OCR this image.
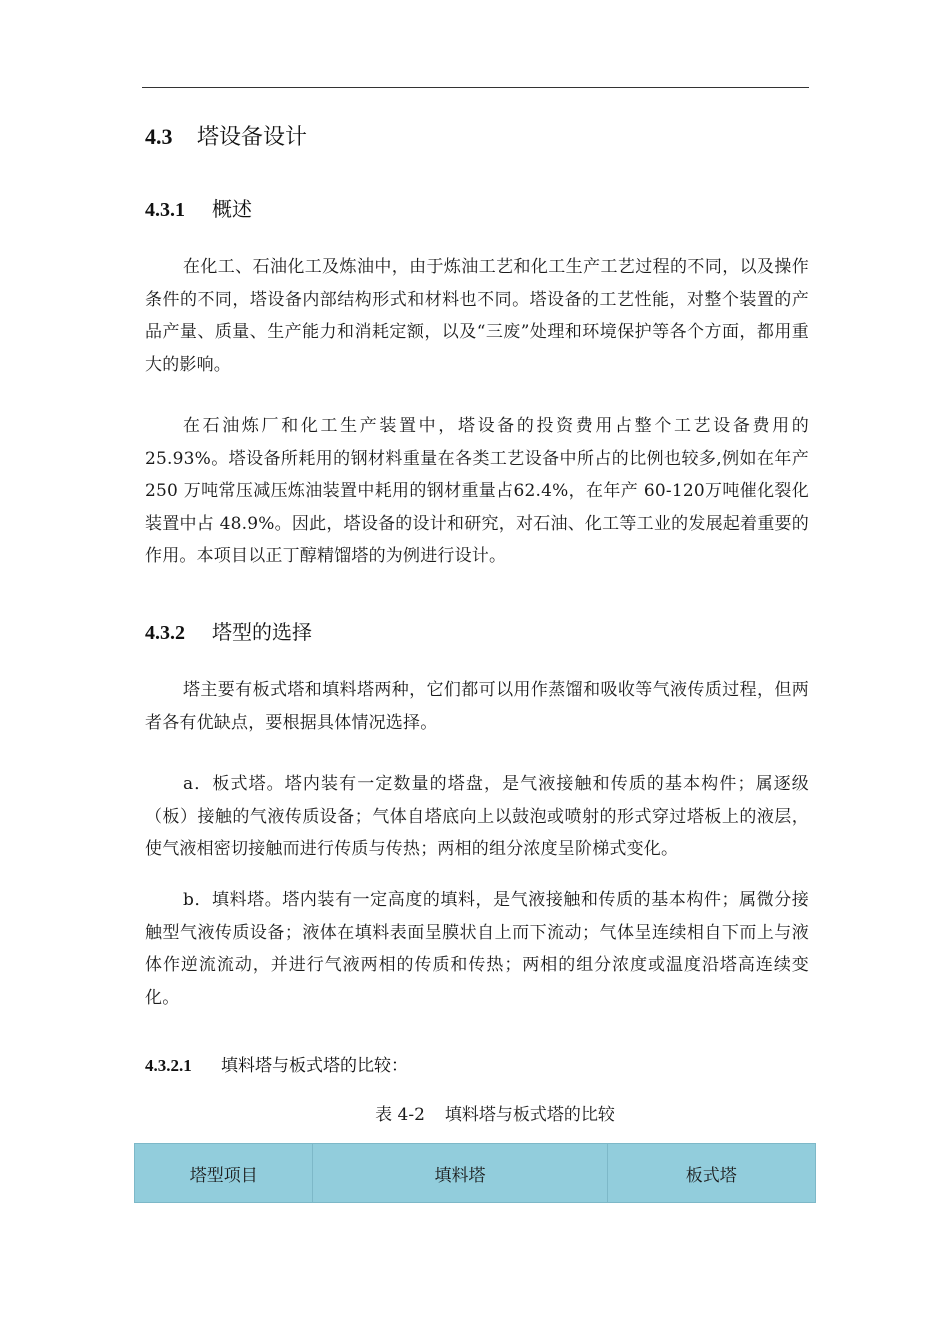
4.3 塔设备设计
4.3.1 概述

在化工、石油化工及炼油中，由于炼油工艺和化工生产工艺过程的不同，以及操作条件的不同，塔设备内部结构形式和材料也不同。塔设备的工艺性能，对整个装置的产品产量、质量、生产能力和消耗定额，以及“三废”处理和环境保护等各个方面，都用重大的影响。

在石油炼厂和化工生产装置中，塔设备的投资费用占整个工艺设备费用的25.93%。塔设备所耗用的钢材料重量在各类工艺设备中所占的比例也较多,例如在年产 250 万吨常压减压炼油装置中耗用的钢材重量占62.4%，在年产 60-120万吨催化裂化装置中占 48.9%。因此，塔设备的设计和研究，对石油、化工等工业的发展起着重要的作用。本项目以正丁醇精馏塔的为例进行设计。

4.3.2 塔型的选择

塔主要有板式塔和填料塔两种，它们都可以用作蒸馏和吸收等气液传质过程，但两者各有优缺点，要根据具体情况选择。

a．板式塔。塔内装有一定数量的塔盘，是气液接触和传质的基本构件；属逐级（板）接触的气液传质设备；气体自塔底向上以鼓泡或喷射的形式穿过塔板上的液层，使气液相密切接触而进行传质与传热；两相的组分浓度呈阶梯式变化。

b．填料塔。塔内装有一定高度的填料，是气液接触和传质的基本构件；属微分接触型气液传质设备；液体在填料表面呈膜状自上而下流动；气体呈连续相自下而上与液体作逆流流动，并进行气液两相的传质和传热；两相的组分浓度或温度沿塔高连续变化。

4.3.2.1 填料塔与板式塔的比较：
表 4-2 填料塔与板式塔的比较
塔型项目	填料塔	板式塔
